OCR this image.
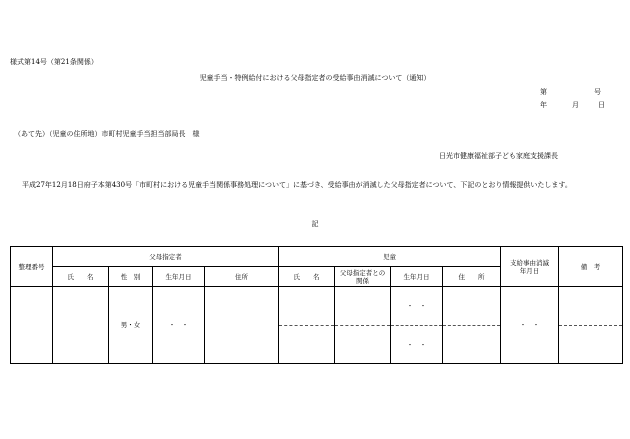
様式第14号（第21条関係）
児童手当・特例給付における父母指定者の受給事由消滅について（通知）
第	号
年	月	日
（あて先）（児童の住所地）市町村児童手当担当部局長　様
日光市健康福祉部子ども家庭支援課長
平成27年12月18日府子本第430号「市町村における児童手当関係事務処理について」に基づき、受給事由が消滅した父母指定者について、下記のとおり情報提供いたします。
記
整理番号	父母指定者				児童				支給事由消滅年月日	備　考
	氏　　名	性　別	生年月日	住所	氏　　名	父母指定者との関係	生年月日	住　　所		
		男・女	・　・				・　・		・　・	
							・　・			
